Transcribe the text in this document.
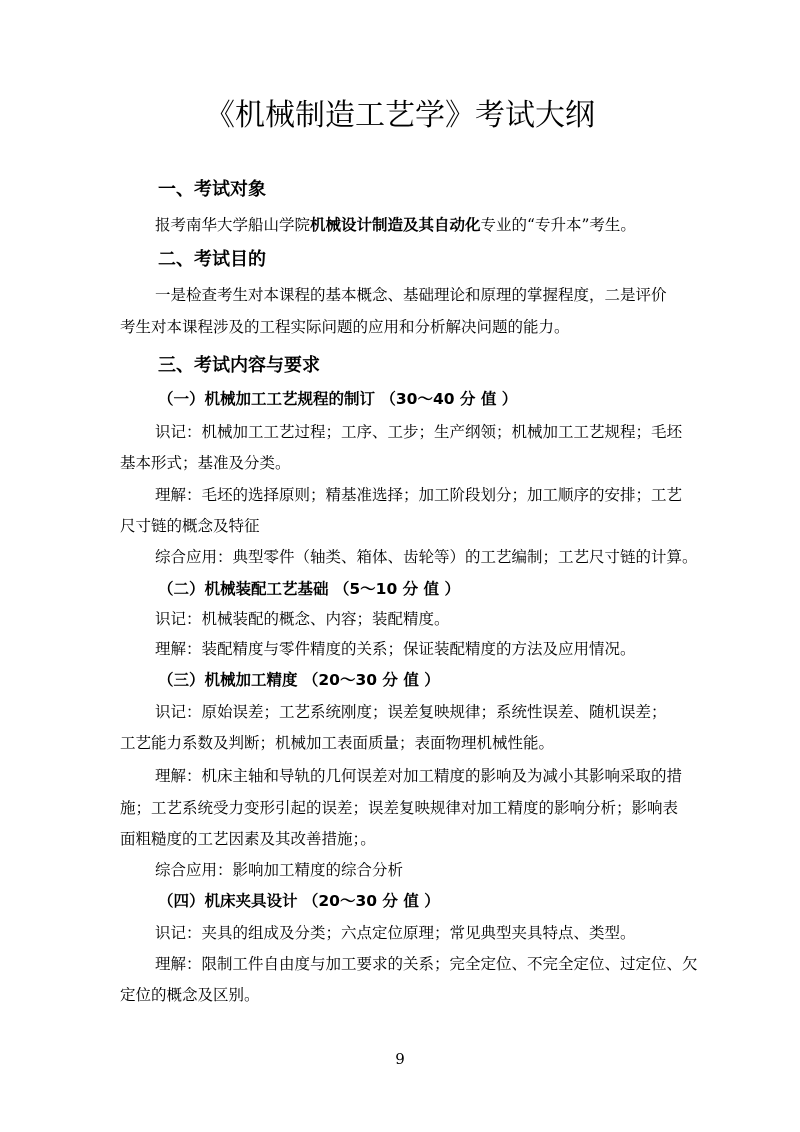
《机械制造工艺学》考试大纲
一、考试对象
报考南华大学船山学院机械设计制造及其自动化专业的“专升本”考生。
二、考试目的
一是检查考生对本课程的基本概念、基础理论和原理的掌握程度，二是评价
考生对本课程涉及的工程实际问题的应用和分析解决问题的能力。
三、考试内容与要求
（一）机械加工工艺规程的制订 （30～40 分 值 ）
识记：机械加工工艺过程；工序、工步；生产纲领；机械加工工艺规程；毛坯
基本形式；基准及分类。
理解：毛坯的选择原则；精基准选择；加工阶段划分；加工顺序的安排；工艺
尺寸链的概念及特征
综合应用：典型零件（轴类、箱体、齿轮等）的工艺编制；工艺尺寸链的计算。
（二）机械装配工艺基础 （5～10 分 值 ）
识记：机械装配的概念、内容；装配精度。
理解：装配精度与零件精度的关系；保证装配精度的方法及应用情况。
（三）机械加工精度 （20～30 分 值 ）
识记：原始误差；工艺系统刚度；误差复映规律；系统性误差、随机误差；
工艺能力系数及判断；机械加工表面质量；表面物理机械性能。
理解：机床主轴和导轨的几何误差对加工精度的影响及为减小其影响采取的措
施；工艺系统受力变形引起的误差；误差复映规律对加工精度的影响分析；影响表
面粗糙度的工艺因素及其改善措施；。
综合应用：影响加工精度的综合分析
（四）机床夹具设计 （20～30 分 值 ）
识记：夹具的组成及分类；六点定位原理；常见典型夹具特点、类型。
理解：限制工件自由度与加工要求的关系；完全定位、不完全定位、过定位、欠
定位的概念及区别。
9
